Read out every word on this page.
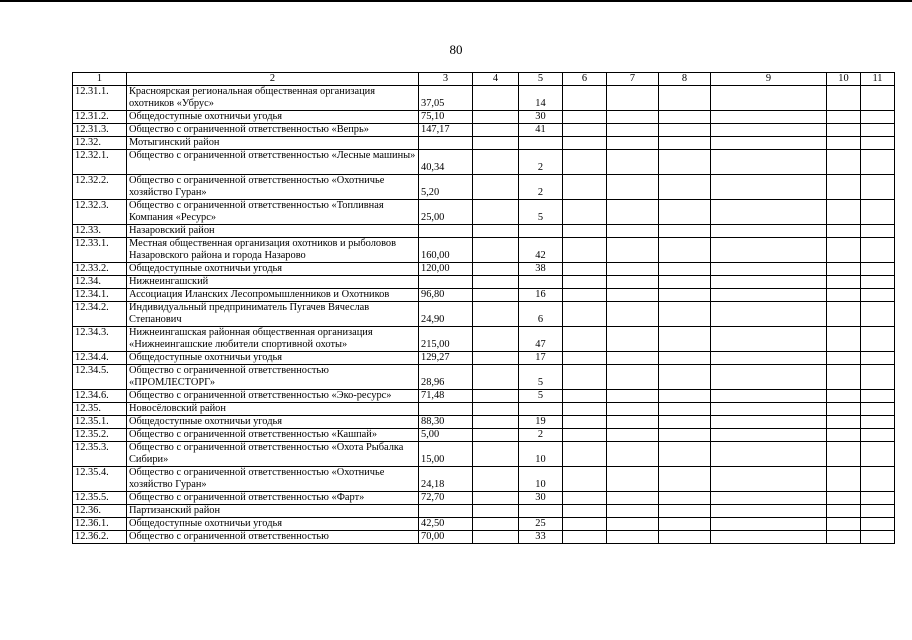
80
1	2	3	4	5	6	7	8	9	10	11
12.31.1.	Красноярская региональная общественная организация охотников «Убрус»	37,05		14						
12.31.2.	Общедоступные охотничьи угодья	75,10		30						
12.31.3.	Общество с ограниченной ответственностью «Вепрь»	147,17		41						
12.32.	Мотыгинский район									
12.32.1.	Общество с ограниченной ответственностью «Лесные машины»	40,34		2						
12.32.2.	Общество с ограниченной ответственностью «Охотничье хозяйство Гуран»	5,20		2						
12.32.3.	Общество с ограниченной ответственностью «Топливная Компания «Ресурс»	25,00		5						
12.33.	Назаровский район									
12.33.1.	Местная общественная организация охотников и рыболовов Назаровского района и города Назарово	160,00		42						
12.33.2.	Общедоступные охотничьи угодья	120,00		38						
12.34.	Нижнеингашский									
12.34.1.	Ассоциация Иланских Лесопромышленников и Охотников	96,80		16						
12.34.2.	Индивидуальный предприниматель Пугачев Вячеслав Степанович	24,90		6						
12.34.3.	Нижнеингашская районная общественная организация «Нижнеингашские любители спортивной охоты»	215,00		47						
12.34.4.	Общедоступные охотничьи угодья	129,27		17						
12.34.5.	Общество с ограниченной ответственностью «ПРОМЛЕСТОРГ»	28,96		5						
12.34.6.	Общество с ограниченной ответственностью «Эко-ресурс»	71,48		5						
12.35.	Новосёловский район									
12.35.1.	Общедоступные охотничьи угодья	88,30		19						
12.35.2.	Общество с ограниченной ответственностью «Кашпай»	5,00		2						
12.35.3.	Общество с ограниченной ответственностью «Охота Рыбалка Сибири»	15,00		10						
12.35.4.	Общество с ограниченной ответственностью «Охотничье хозяйство Гуран»	24,18		10						
12.35.5.	Общество с ограниченной ответственностью «Фарт»	72,70		30						
12.36.	Партизанский район									
12.36.1.	Общедоступные охотничьи угодья	42,50		25						
12.36.2.	Общество с ограниченной ответственностью	70,00		33						
